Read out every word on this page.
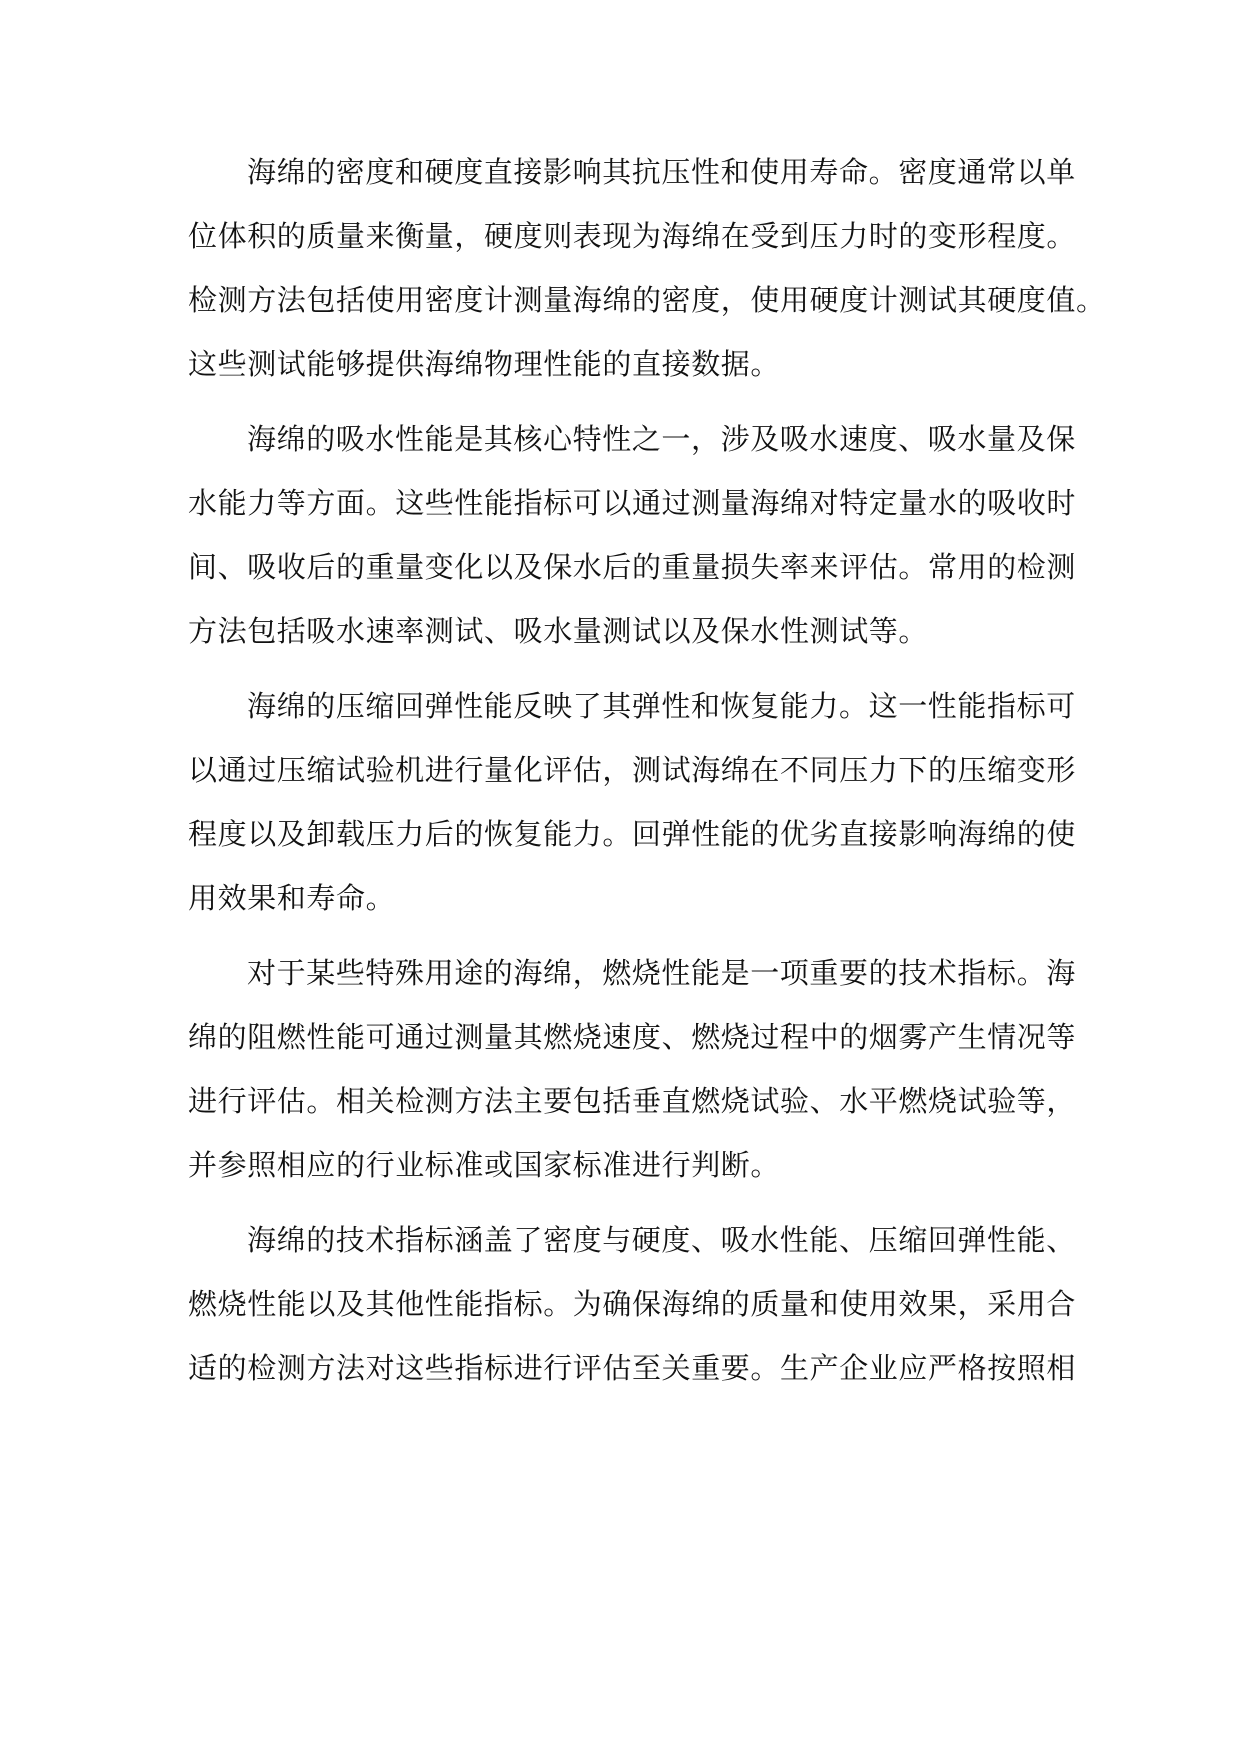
海绵的密度和硬度直接影响其抗压性和使用寿命。密度通常以单
位体积的质量来衡量，硬度则表现为海绵在受到压力时的变形程度。
检测方法包括使用密度计测量海绵的密度，使用硬度计测试其硬度值。
这些测试能够提供海绵物理性能的直接数据。
海绵的吸水性能是其核心特性之一，涉及吸水速度、吸水量及保
水能力等方面。这些性能指标可以通过测量海绵对特定量水的吸收时
间、吸收后的重量变化以及保水后的重量损失率来评估。常用的检测
方法包括吸水速率测试、吸水量测试以及保水性测试等。
海绵的压缩回弹性能反映了其弹性和恢复能力。这一性能指标可
以通过压缩试验机进行量化评估，测试海绵在不同压力下的压缩变形
程度以及卸载压力后的恢复能力。回弹性能的优劣直接影响海绵的使
用效果和寿命。
对于某些特殊用途的海绵，燃烧性能是一项重要的技术指标。海
绵的阻燃性能可通过测量其燃烧速度、燃烧过程中的烟雾产生情况等
进行评估。相关检测方法主要包括垂直燃烧试验、水平燃烧试验等，
并参照相应的行业标准或国家标准进行判断。
海绵的技术指标涵盖了密度与硬度、吸水性能、压缩回弹性能、
燃烧性能以及其他性能指标。为确保海绵的质量和使用效果，采用合
适的检测方法对这些指标进行评估至关重要。生产企业应严格按照相
